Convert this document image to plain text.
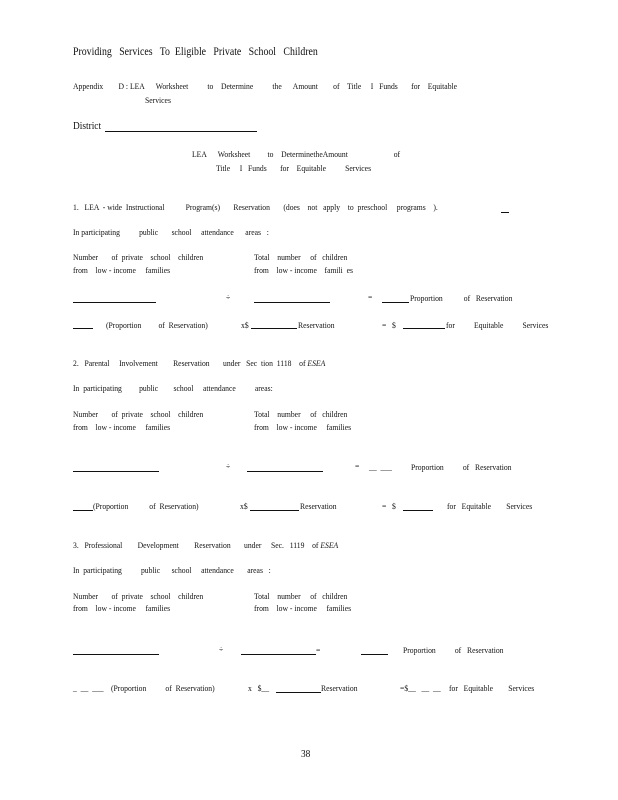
Providing   Services   To  Eligible   Private   School   Children
Appendix        D : LEA      Worksheet          to    Determine          the      Amount        of    Title     I   Funds       for    Equitable
Services
District
LEA      Worksheet         to    DeterminetheAmount                        of
Title     I   Funds       for    Equitable          Services
1.   LEA  - wide  Instructional           Program(s)       Reservation       (does    not   apply    to  preschool     programs    ).
In participating          public       school     attendance      areas   :
Number       of  private    school    children
from    low - income     families
Total    number     of   children
from    low - income    famili  es
÷	=	Proportion           of   Reservation
(Proportion         of  Reservation)	x$	Reservation	=   $	for          Equitable          Services
2.   Parental     Involvement        Reservation       under   Sec  tion  1118    of ESEA
In  participating         public        school     attendance          areas:
Number       of  private    school    children
from    low - income     families
Total    number     of   children
from    low - income     families
÷	= __  ___ Proportion          of   Reservation
(Proportion           of  Reservation)	x$	Reservation	=   $	for   Equitable        Services
3.   Professional        Development        Reservation       under     Sec.   1119    of ESEA
In  participating          public      school     attendance       areas   :
Number       of  private    school    children
from    low - income     families
Total    number     of   children
from    low - income     families
÷	=	Proportion          of   Reservation
_  __  ___ (Proportion          of  Reservation)	x   $__	Reservation	=$__   __  __ for   Equitable        Services
38
